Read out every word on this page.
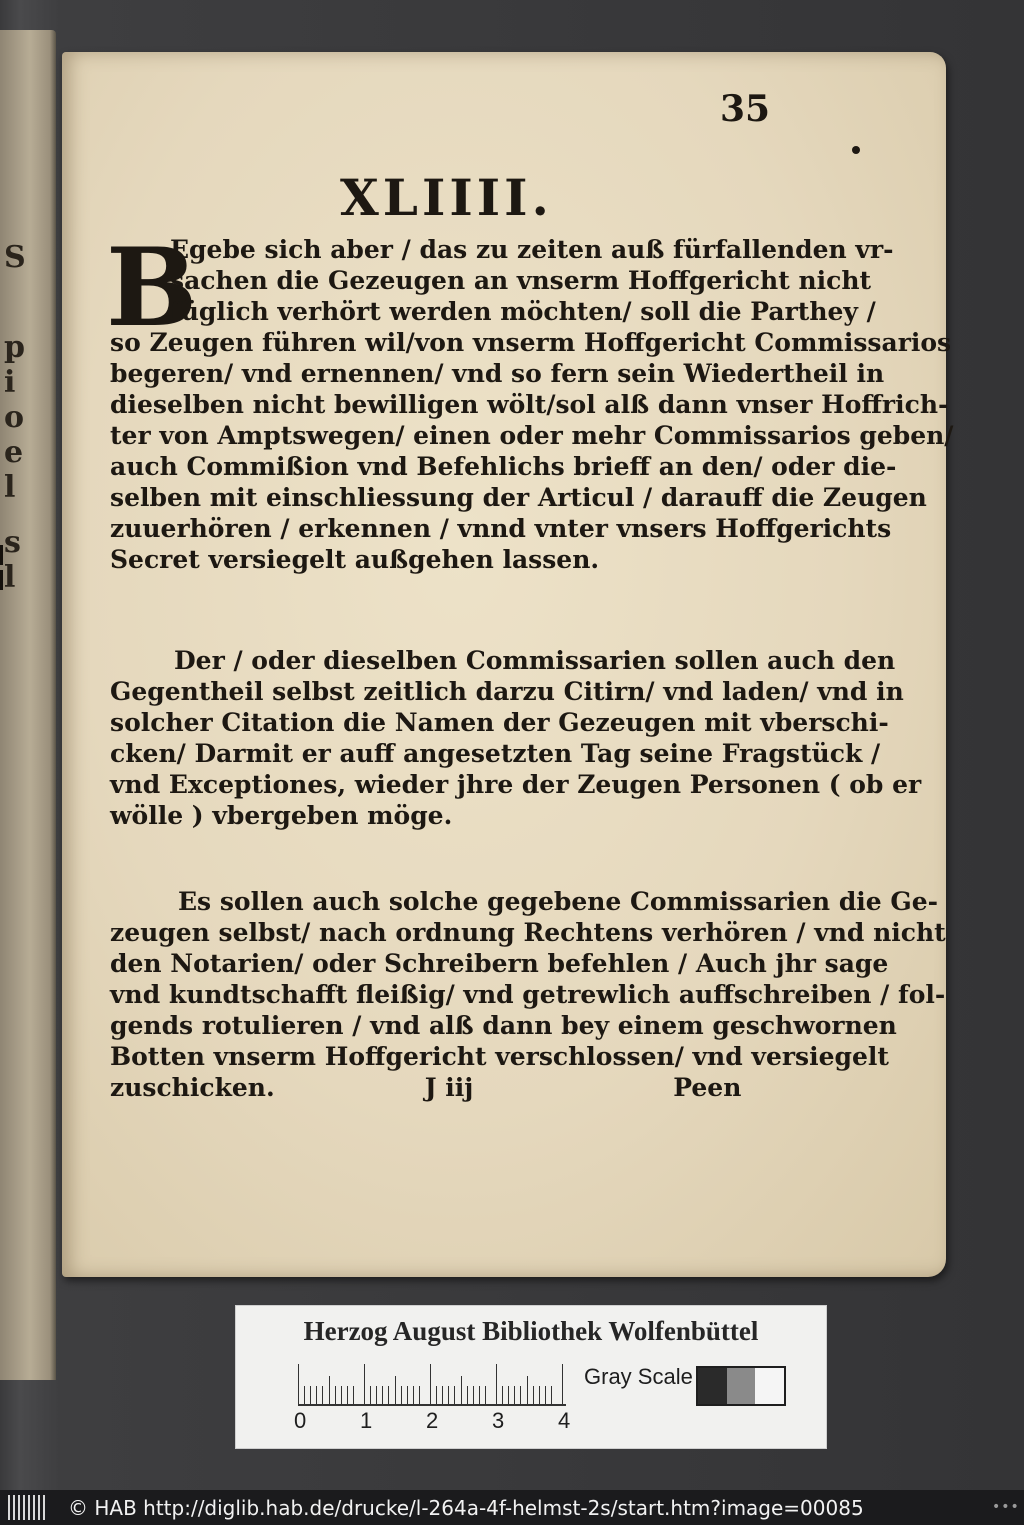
S
p
i
o
e
l
s
l
35
XLIIII.
B
Egebe sich aber / das zu zeiten auß fürfallenden vr-
sachen die Gezeugen an vnserm Hoffgericht nicht
füglich verhört werden möchten/ soll die Parthey /
so Zeugen führen wil/von vnserm Hoffgericht Commissarios
begeren/ vnd ernennen/ vnd so fern sein Wiedertheil in
dieselben nicht bewilligen wölt/sol alß dann vnser Hoffrich-
ter von Amptswegen/ einen oder mehr Commissarios geben/
auch Commißion vnd Befehlichs brieff an den/ oder die-
selben mit einschliessung der Articul / darauff die Zeugen
zuuerhören / erkennen / vnnd vnter vnsers Hoffgerichts
Secret versiegelt außgehen lassen.
Der / oder dieselben Commissarien sollen auch den
Gegentheil selbst zeitlich darzu Citirn/ vnd laden/ vnd in
solcher Citation die Namen der Gezeugen mit vberschi-
cken/ Darmit er auff angesetzten Tag seine Fragstück /
vnd Exceptiones, wieder jhre der Zeugen Personen ( ob er
wölle ) vbergeben möge.
Es sollen auch solche gegebene Commissarien die Ge-
zeugen selbst/ nach ordnung Rechtens verhören / vnd nicht
den Notarien/ oder Schreibern befehlen / Auch jhr sage
vnd kundtschafft fleißig/ vnd getrewlich auffschreiben / fol-
gends rotulieren / vnd alß dann bey einem geschwornen
Botten vnserm Hoffgericht verschlossen/ vnd versiegelt
zuschicken.	J iij	Peen
Herzog August Bibliothek Wolfenbüttel
0 1 2 3 4
Gray Scale
© HAB http://diglib.hab.de/drucke/l-264a-4f-helmst-2s/start.htm?image=00085	•••
